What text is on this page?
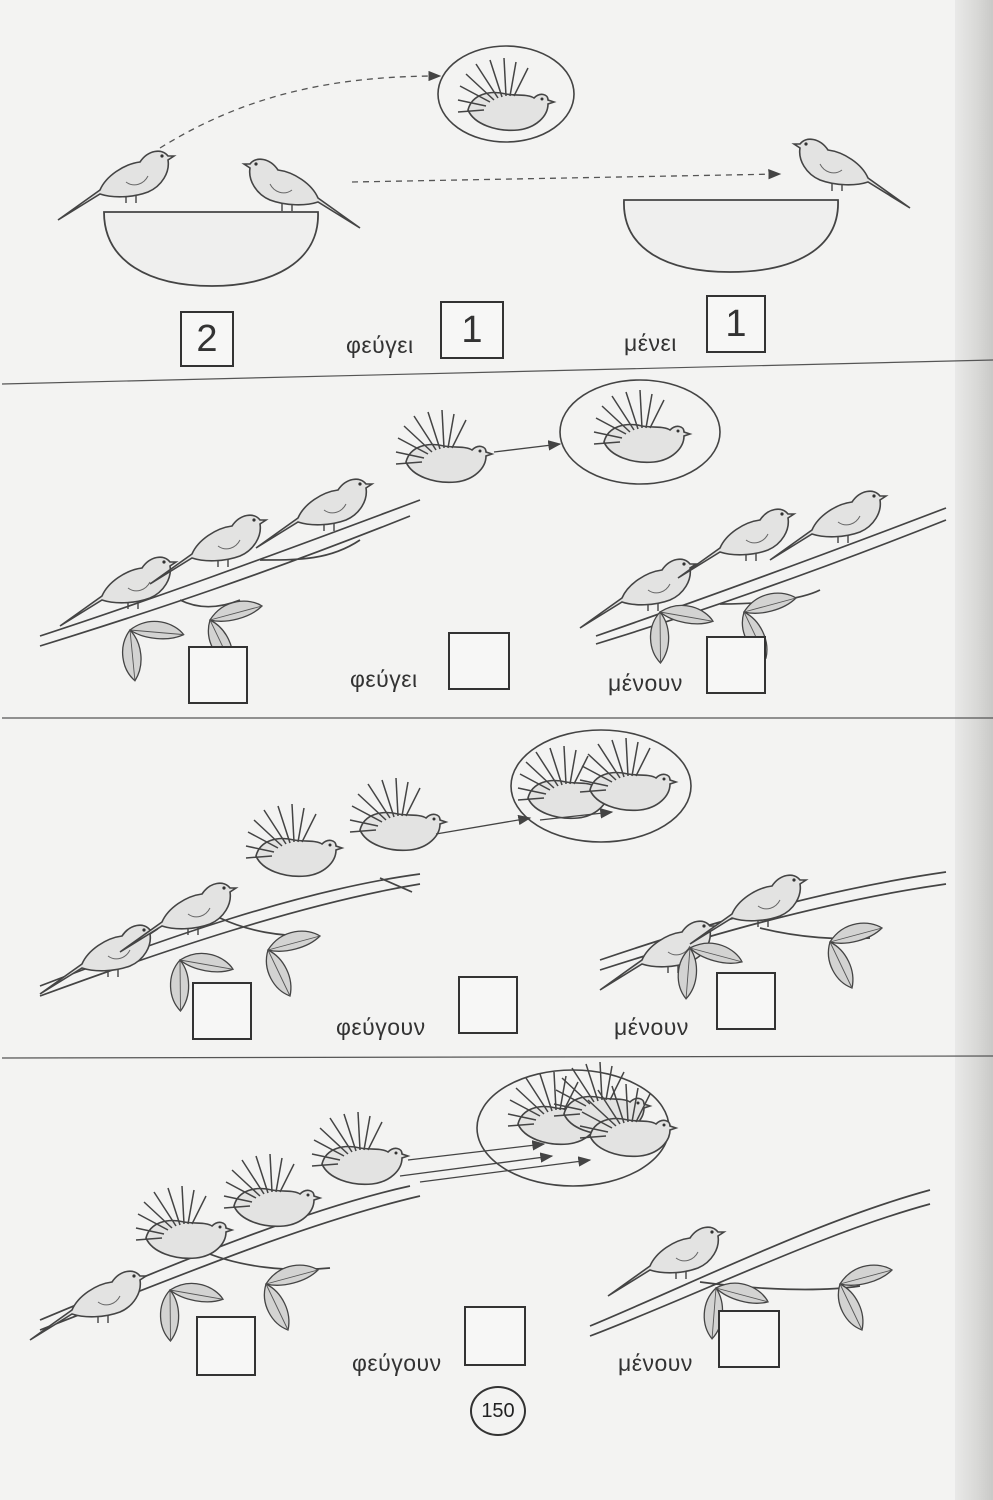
2	φεύγει	1	μένει	1
φεύγει	μένουν
φεύγουν	μένουν
φεύγουν	μένουν
150
